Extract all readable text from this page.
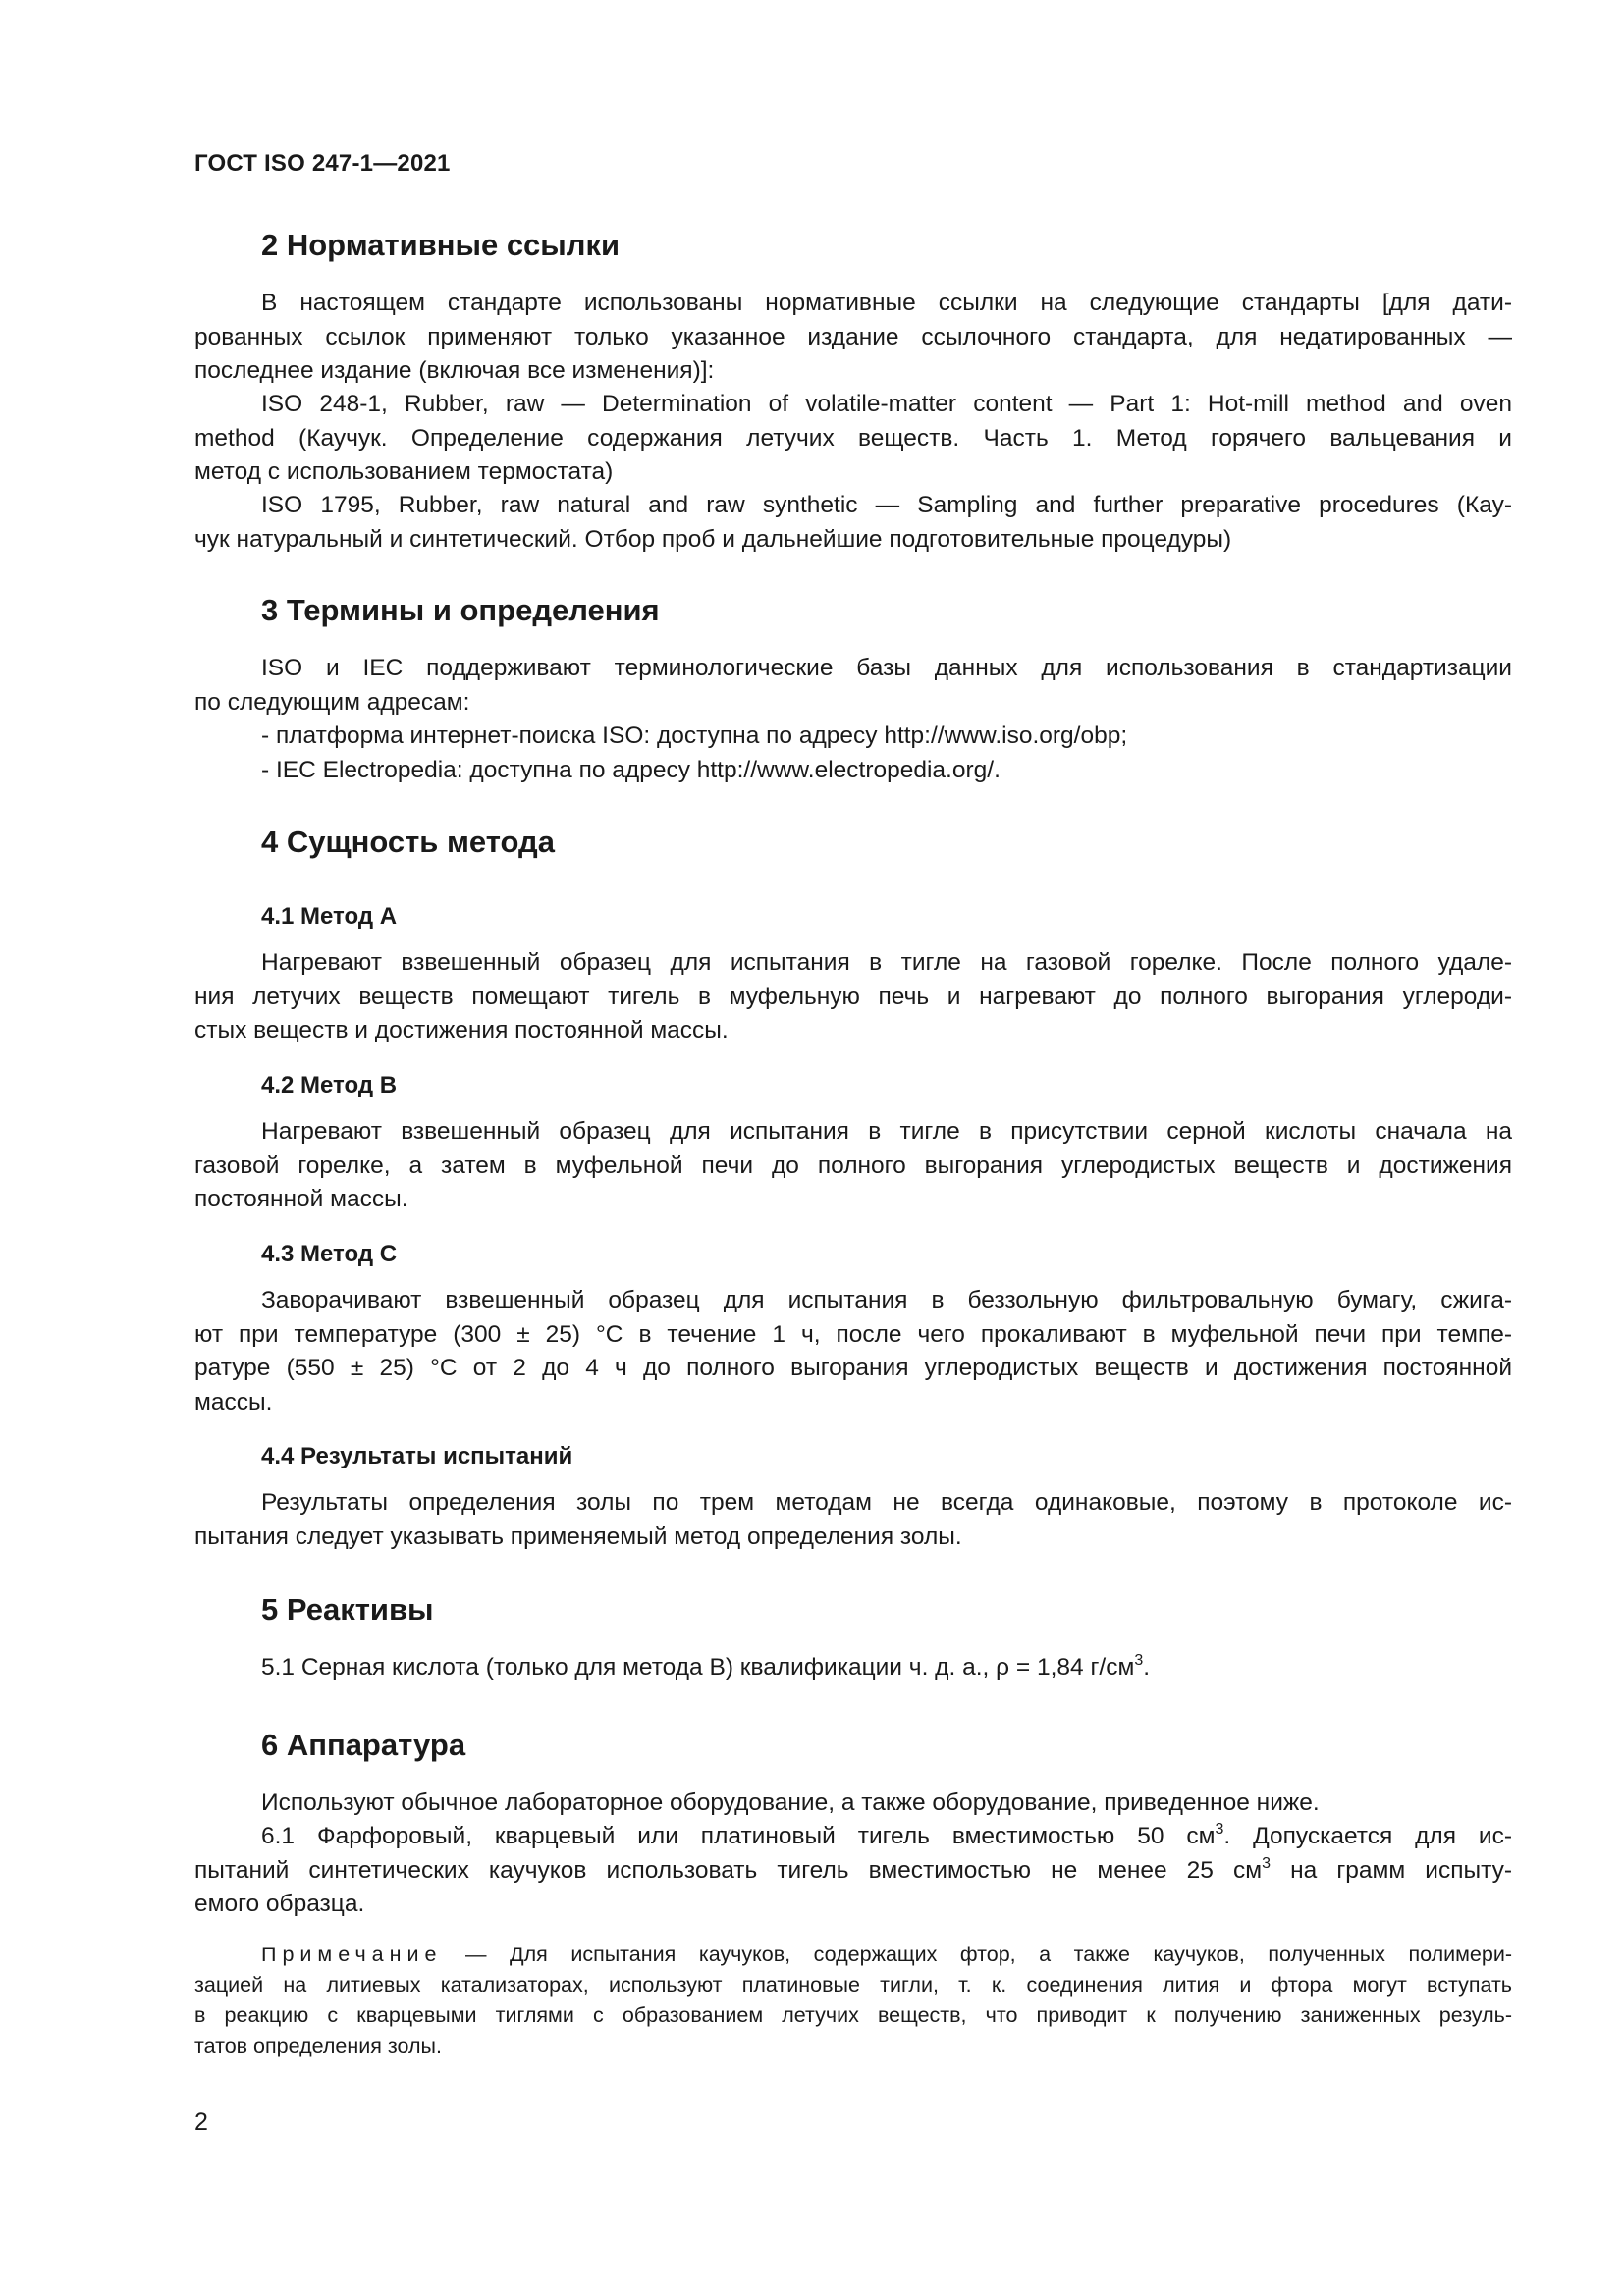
ГОСТ ISO 247-1—2021
2 Нормативные ссылки
В настоящем стандарте использованы нормативные ссылки на следующие стандарты [для дати-
рованных ссылок применяют только указанное издание ссылочного стандарта, для недатированных —
последнее издание (включая все изменения)]:
ISO 248-1, Rubber, raw — Determination of volatile-matter content — Part 1: Hot-mill method and oven
method (Каучук. Определение содержания летучих веществ. Часть 1. Метод горячего вальцевания и
метод с использованием термостата)
ISO 1795, Rubber, raw natural and raw synthetic — Sampling and further preparative procedures (Кау-
чук натуральный и синтетический. Отбор проб и дальнейшие подготовительные процедуры)
3 Термины и определения
ISO и IEC поддерживают терминологические базы данных для использования в стандартизации
по следующим адресам:
- платформа интернет-поиска ISO: доступна по адресу http://www.iso.org/obp;
- IEC Electropedia: доступна по адресу http://www.electropedia.org/.
4 Сущность метода
4.1 Метод А
Нагревают взвешенный образец для испытания в тигле на газовой горелке. После полного удале-
ния летучих веществ помещают тигель в муфельную печь и нагревают до полного выгорания углероди-
стых веществ и достижения постоянной массы.
4.2 Метод В
Нагревают взвешенный образец для испытания в тигле в присутствии серной кислоты сначала на
газовой горелке, а затем в муфельной печи до полного выгорания углеродистых веществ и достижения
постоянной массы.
4.3 Метод С
Заворачивают взвешенный образец для испытания в беззольную фильтровальную бумагу, сжига-
ют при температуре (300 ± 25) °С в течение 1 ч, после чего прокаливают в муфельной печи при темпе-
ратуре (550 ± 25) °С от 2 до 4 ч до полного выгорания углеродистых веществ и достижения постоянной
массы.
4.4 Результаты испытаний
Результаты определения золы по трем методам не всегда одинаковые, поэтому в протоколе ис-
пытания следует указывать применяемый метод определения золы.
5 Реактивы
5.1 Серная кислота (только для метода В) квалификации ч. д. а., ρ = 1,84 $г/см^3$.
6 Аппаратура
Используют обычное лабораторное оборудование, а также оборудование, приведенное ниже.
6.1 Фарфоровый, кварцевый или платиновый тигель вместимостью 50 $см^3$. Допускается для ис-
пытаний синтетических каучуков использовать тигель вместимостью не менее 25 $см^3$ на грамм испыту-
емого образца.
Примечание — Для испытания каучуков, содержащих фтор, а также каучуков, полученных полимери-
зацией на литиевых катализаторах, используют платиновые тигли, т. к. соединения лития и фтора могут вступать
в реакцию с кварцевыми тиглями с образованием летучих веществ, что приводит к получению заниженных резуль-
татов определения золы.
2
